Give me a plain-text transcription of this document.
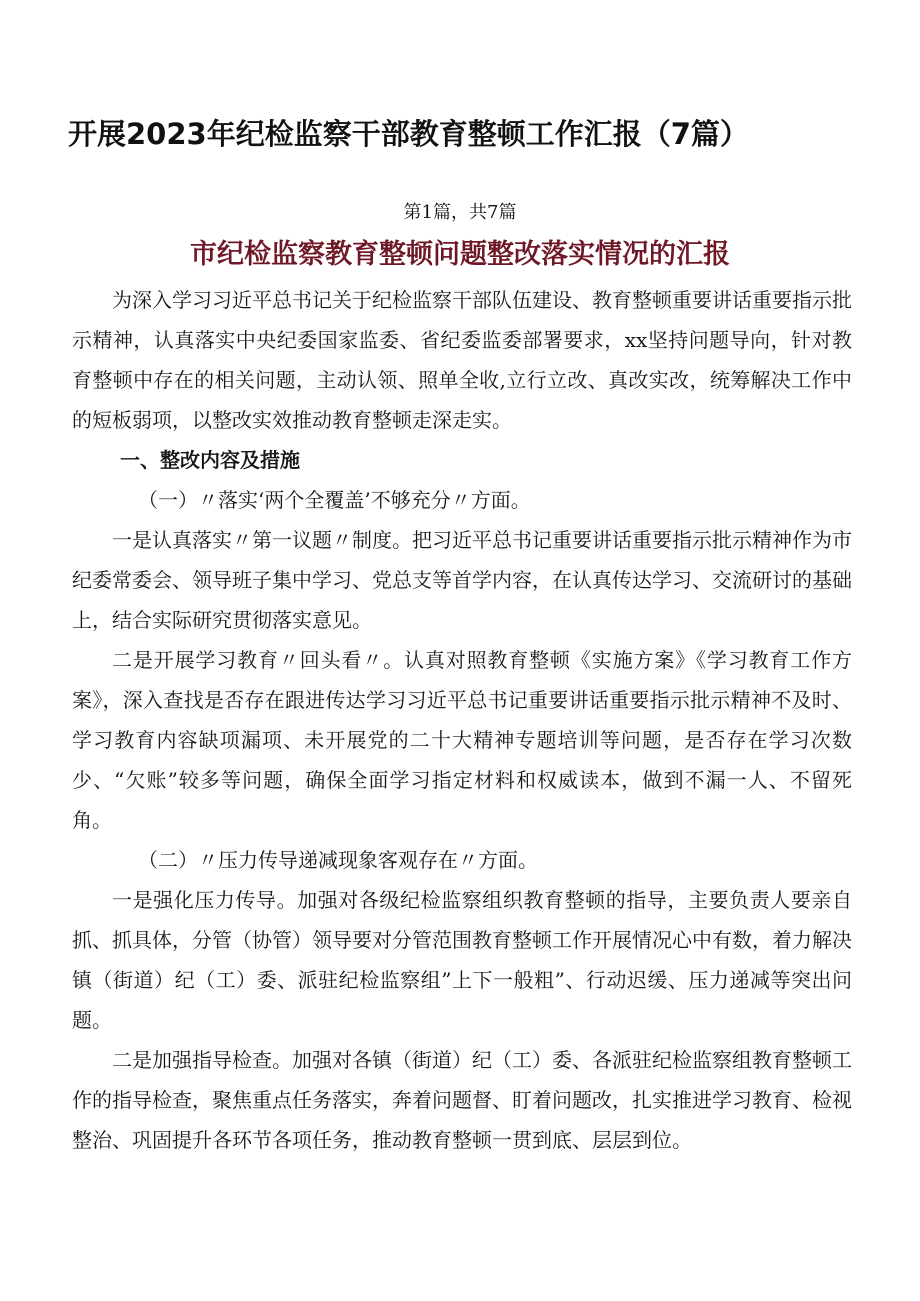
开展2023年纪检监察干部教育整顿工作汇报（7篇）
第1篇，共7篇
市纪检监察教育整顿问题整改落实情况的汇报

为深入学习习近平总书记关于纪检监察干部队伍建设、教育整顿重要讲话重要指示批示精神，认真落实中央纪委国家监委、省纪委监委部署要求，xx坚持问题导向，针对教育整顿中存在的相关问题，主动认领、照单全收,立行立改、真改实改，统筹解决工作中的短板弱项，以整改实效推动教育整顿走深走实。

一、整改内容及措施

（一）〃落实‘两个全覆盖’不够充分〃方面。

一是认真落实〃第一议题〃制度。把习近平总书记重要讲话重要指示批示精神作为市纪委常委会、领导班子集中学习、党总支等首学内容，在认真传达学习、交流研讨的基础上，结合实际研究贯彻落实意见。

二是开展学习教育〃回头看〃。认真对照教育整顿《实施方案》《学习教育工作方案》，深入查找是否存在跟进传达学习习近平总书记重要讲话重要指示批示精神不及时、学习教育内容缺项漏项、未开展党的二十大精神专题培训等问题，是否存在学习次数少、“欠账”较多等问题，确保全面学习指定材料和权威读本，做到不漏一人、不留死角。

（二）〃压力传导递减现象客观存在〃方面。

一是强化压力传导。加强对各级纪检监察组织教育整顿的指导，主要负责人要亲自抓、抓具体，分管（协管）领导要对分管范围教育整顿工作开展情况心中有数，着力解决镇（街道）纪（工）委、派驻纪检监察组”上下一般粗”、行动迟缓、压力递减等突出问题。

二是加强指导检查。加强对各镇（街道）纪（工）委、各派驻纪检监察组教育整顿工作的指导检查，聚焦重点任务落实，奔着问题督、盯着问题改，扎实推进学习教育、检视整治、巩固提升各环节各项任务，推动教育整顿一贯到底、层层到位。
